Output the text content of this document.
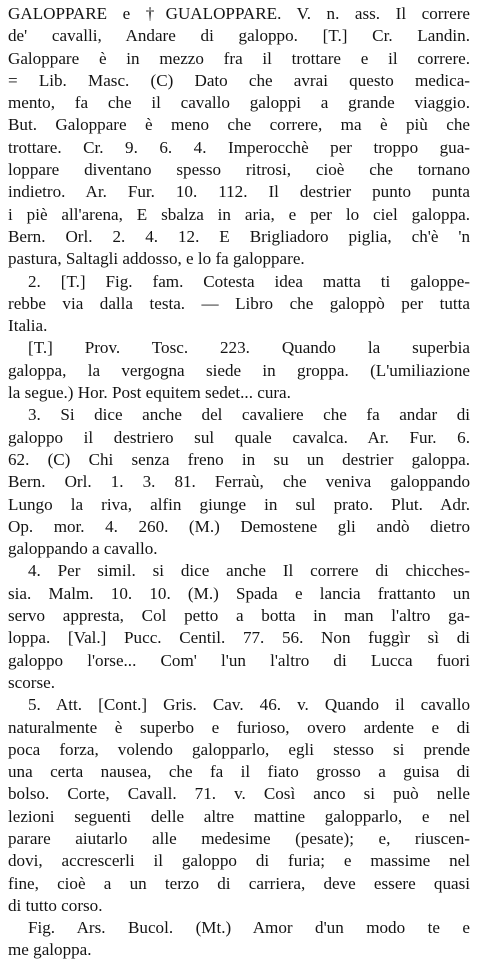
GALOPPARE e †GUALOPPARE. V. n. ass. Il correre
de' cavalli, Andare di galoppo. [T.] Cr. Landin.
Galoppare è in mezzo fra il trottare e il correre.
= Lib. Masc. (C) Dato che avrai questo medica-
mento, fa che il cavallo galoppi a grande viaggio.
But. Galoppare è meno che correre, ma è più che
trottare. Cr. 9. 6. 4. Imperocchè per troppo gua-
loppare diventano spesso ritrosi, cioè che tornano
indietro. Ar. Fur. 10. 112. Il destrier punto punta
i piè all'arena, E sbalza in aria, e per lo ciel galoppa.
Bern. Orl. 2. 4. 12. E Brigliadoro piglia, ch'è 'n
pastura, Saltagli addosso, e lo fa galoppare.
2. [T.] Fig. fam. Cotesta idea matta ti galoppe-
rebbe via dalla testa. — Libro che galoppò per tutta
Italia.
[T.] Prov. Tosc. 223. Quando la superbia
galoppa, la vergogna siede in groppa. (L'umiliazione
la segue.) Hor. Post equitem sedet... cura.
3. Si dice anche del cavaliere che fa andar di
galoppo il destriero sul quale cavalca. Ar. Fur. 6.
62. (C) Chi senza freno in su un destrier galoppa.
Bern. Orl. 1. 3. 81. Ferraù, che veniva galoppando
Lungo la riva, alfin giunge in sul prato. Plut. Adr.
Op. mor. 4. 260. (M.) Demostene gli andò dietro
galoppando a cavallo.
4. Per simil. si dice anche Il correre di chicches-
sia. Malm. 10. 10. (M.) Spada e lancia frattanto un
servo appresta, Col petto a botta in man l'altro ga-
loppa. [Val.] Pucc. Centil. 77. 56. Non fuggìr sì di
galoppo l'orse... Com' l'un l'altro di Lucca fuori
scorse.
5. Att. [Cont.] Gris. Cav. 46. v. Quando il cavallo
naturalmente è superbo e furioso, overo ardente e di
poca forza, volendo galopparlo, egli stesso si prende
una certa nausea, che fa il fiato grosso a guisa di
bolso. Corte, Cavall. 71. v. Così anco si può nelle
lezioni seguenti delle altre mattine galopparlo, e nel
parare aiutarlo alle medesime (pesate); e, riuscen-
dovi, accrescerli il galoppo di furia; e massime nel
fine, cioè a un terzo di carriera, deve essere quasi
di tutto corso.
Fig. Ars. Bucol. (Mt.) Amor d'un modo te e
me galoppa.
